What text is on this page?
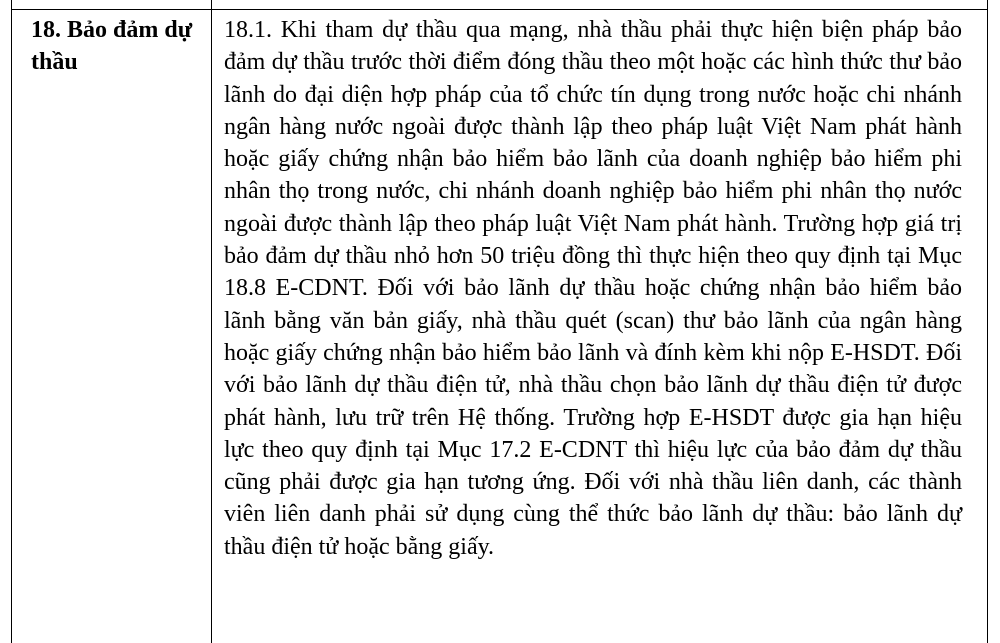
18. Bảo đảm dự thầu

18.1. Khi tham dự thầu qua mạng, nhà thầu phải thực hiện biện pháp bảo đảm dự thầu trước thời điểm đóng thầu theo một hoặc các hình thức thư bảo lãnh do đại diện hợp pháp của tổ chức tín dụng trong nước hoặc chi nhánh ngân hàng nước ngoài được thành lập theo pháp luật Việt Nam phát hành hoặc giấy chứng nhận bảo hiểm bảo lãnh của doanh nghiệp bảo hiểm phi nhân thọ trong nước, chi nhánh doanh nghiệp bảo hiểm phi nhân thọ nước ngoài được thành lập theo pháp luật Việt Nam phát hành. Trường hợp giá trị bảo đảm dự thầu nhỏ hơn 50 triệu đồng thì thực hiện theo quy định tại Mục 18.8 E-CDNT. Đối với bảo lãnh dự thầu hoặc chứng nhận bảo hiểm bảo lãnh bằng văn bản giấy, nhà thầu quét (scan) thư bảo lãnh của ngân hàng hoặc giấy chứng nhận bảo hiểm bảo lãnh và đính kèm khi nộp E-HSDT. Đối với bảo lãnh dự thầu điện tử, nhà thầu chọn bảo lãnh dự thầu điện tử được phát hành, lưu trữ trên Hệ thống. Trường hợp E-HSDT được gia hạn hiệu lực theo quy định tại Mục 17.2 E-CDNT thì hiệu lực của bảo đảm dự thầu cũng phải được gia hạn tương ứng. Đối với nhà thầu liên danh, các thành viên liên danh phải sử dụng cùng thể thức bảo lãnh dự thầu: bảo lãnh dự thầu điện tử hoặc bằng giấy.
